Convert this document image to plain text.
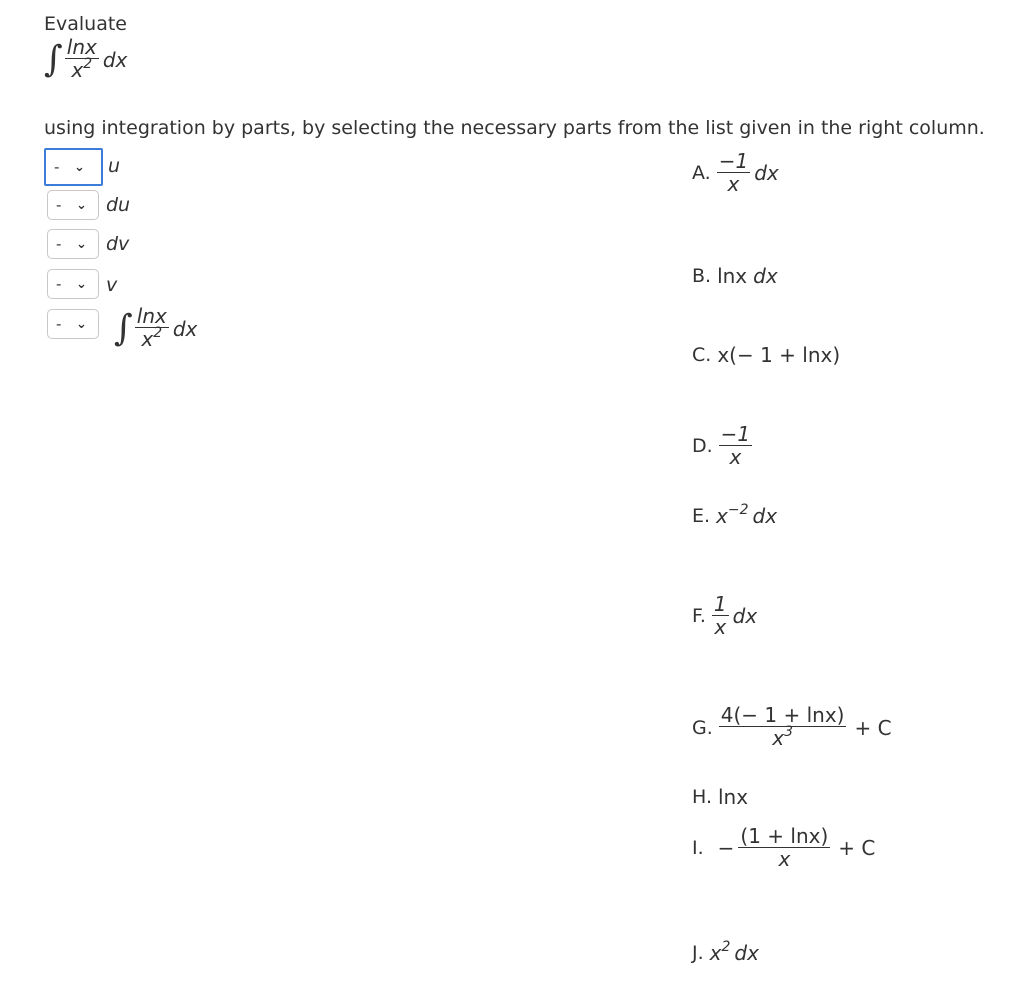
Evaluate
∫ $\frac{\ln x}{x^2}$ dx
using integration by parts, by selecting the necessary parts from the list given in the right column.
-	⌄ u
-	⌄ du
-	⌄ dv
-	⌄ v
-	⌄ ∫ $\frac{\ln x}{x^2}$ dx
A. $\frac{-1}{x}$ dx
B. lnx dx
C. x(− 1 + lnx)
D. $\frac{-1}{x}$
E. $x^{-2}$ dx
F. $\frac{1}{x}$ dx
G. $\frac{4(- 1 + \ln x)}{x^3} + C$
H. lnx
I. − $\frac{(1 + \ln x)}{x} + C$
J. $x^2$ dx
